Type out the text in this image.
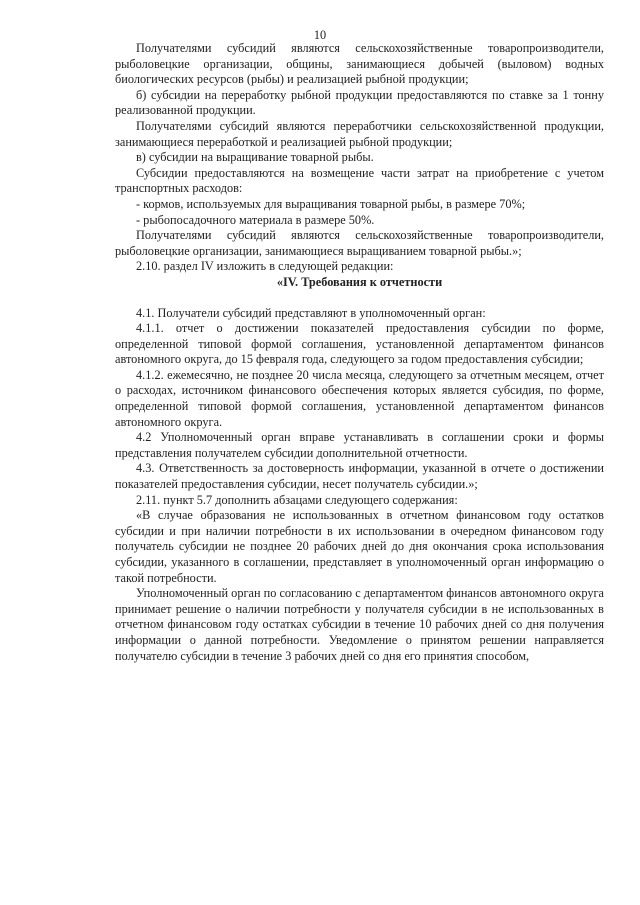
10

Получателями субсидий являются сельскохозяйственные товаропроизводители, рыболовецкие организации, общины, занимающиеся добычей (выловом) водных биологических ресурсов (рыбы) и реализацией рыбной продукции;

б) субсидии на переработку рыбной продукции предоставляются по ставке за 1 тонну реализованной продукции.

Получателями субсидий являются переработчики сельскохозяйственной продукции, занимающиеся переработкой и реализацией рыбной продукции;

в) субсидии на выращивание товарной рыбы.

Субсидии предоставляются на возмещение части затрат на приобретение с учетом транспортных расходов:

- кормов, используемых для выращивания товарной рыбы, в размере 70%;

- рыбопосадочного материала в размере 50%.

Получателями субсидий являются сельскохозяйственные товаропроизводители, рыболовецкие организации, занимающиеся выращиванием товарной рыбы.»;

2.10. раздел IV изложить в следующей редакции:

«IV. Требования к отчетности

4.1. Получатели субсидий представляют в уполномоченный орган:

4.1.1. отчет о достижении показателей предоставления субсидии по форме, определенной типовой формой соглашения, установленной департаментом финансов автономного округа, до 15 февраля года, следующего за годом предоставления субсидии;

4.1.2. ежемесячно, не позднее 20 числа месяца, следующего за отчетным месяцем, отчет о расходах, источником финансового обеспечения которых является субсидия, по форме, определенной типовой формой соглашения, установленной департаментом финансов автономного округа.

4.2 Уполномоченный орган вправе устанавливать в соглашении сроки и формы представления получателем субсидии дополнительной отчетности.

4.3. Ответственность за достоверность информации, указанной в отчете о достижении показателей предоставления субсидии, несет получатель субсидии.»;

2.11. пункт 5.7 дополнить абзацами следующего содержания:

«В случае образования не использованных в отчетном финансовом году остатков субсидии и при наличии потребности в их использовании в очередном финансовом году получатель субсидии не позднее 20 рабочих дней до дня окончания срока использования субсидии, указанного в соглашении, представляет в уполномоченный орган информацию о такой потребности.

Уполномоченный орган по согласованию с департаментом финансов автономного округа принимает решение о наличии потребности у получателя субсидии в не использованных в отчетном финансовом году остатках субсидии в течение 10 рабочих дней со дня получения информации о данной потребности. Уведомление о принятом решении направляется получателю субсидии в течение 3 рабочих дней со дня его принятия способом,
